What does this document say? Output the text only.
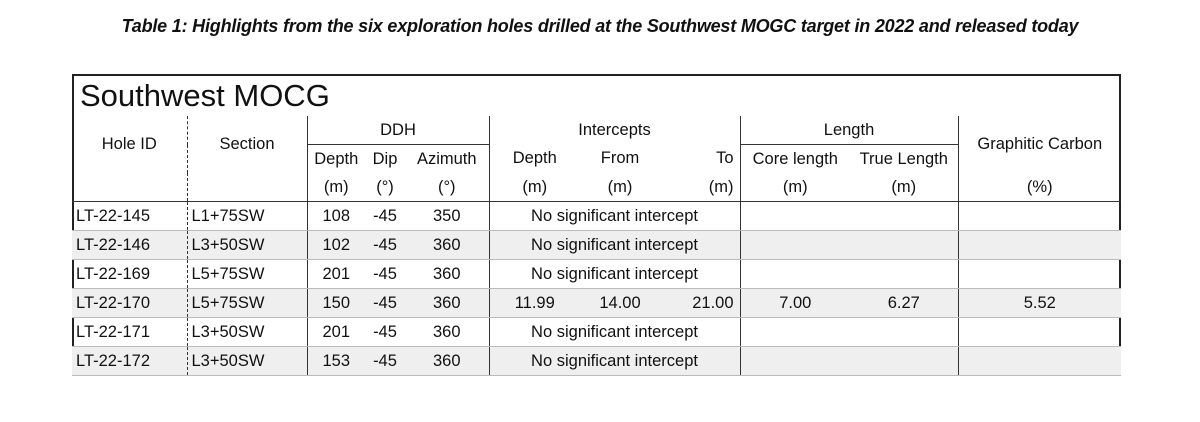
Table 1: Highlights from the six exploration holes drilled at the Southwest MOGC target in 2022 and released today
Southwest MOCG
Hole ID	Section	DDH			Intercepts			Length		Graphitic Carbon
		Depth	Dip	Azimuth	Depth	From	To	Core length	True Length	
		(m)	(°)	(°)	(m)	(m)	(m)	(m)	(m)	(%)
LT-22-145	L1+75SW	108	-45	350	No significant intercept					
LT-22-146	L3+50SW	102	-45	360	No significant intercept					
LT-22-169	L5+75SW	201	-45	360	No significant intercept					
LT-22-170	L5+75SW	150	-45	360	11.99	14.00	21.00	7.00	6.27	5.52
LT-22-171	L3+50SW	201	-45	360	No significant intercept					
LT-22-172	L3+50SW	153	-45	360	No significant intercept					
